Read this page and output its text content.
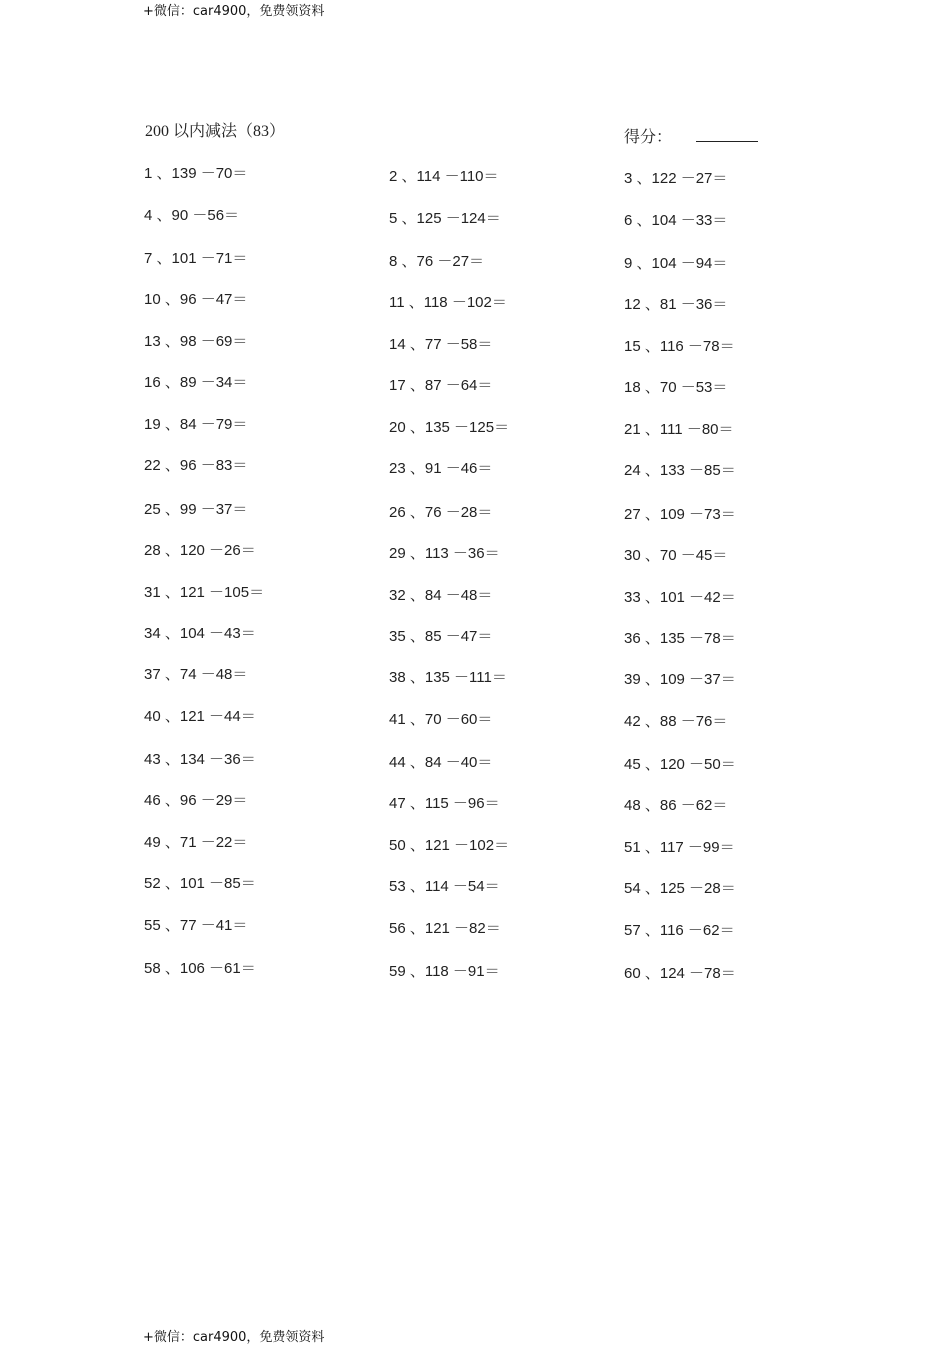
+微信：car4900，免费领资料
200 以内减法（83）	得分：
1 、139 －70＝	2 、114 －110＝	3 、122 －27＝
4 、90 －56＝	5 、125 －124＝	6 、104 －33＝
7 、101 －71＝	8 、76 －27＝	9 、104 －94＝
10 、96 －47＝	11 、118 －102＝	12 、81 －36＝
13 、98 －69＝	14 、77 －58＝	15 、116 －78＝
16 、89 －34＝	17 、87 －64＝	18 、70 －53＝
19 、84 －79＝	20 、135 －125＝	21 、111 －80＝
22 、96 －83＝	23 、91 －46＝	24 、133 －85＝
25 、99 －37＝	26 、76 －28＝	27 、109 －73＝
28 、120 －26＝	29 、113 －36＝	30 、70 －45＝
31 、121 －105＝	32 、84 －48＝	33 、101 －42＝
34 、104 －43＝	35 、85 －47＝	36 、135 －78＝
37 、74 －48＝	38 、135 －111＝	39 、109 －37＝
40 、121 －44＝	41 、70 －60＝	42 、88 －76＝
43 、134 －36＝	44 、84 －40＝	45 、120 －50＝
46 、96 －29＝	47 、115 －96＝	48 、86 －62＝
49 、71 －22＝	50 、121 －102＝	51 、117 －99＝
52 、101 －85＝	53 、114 －54＝	54 、125 －28＝
55 、77 －41＝	56 、121 －82＝	57 、116 －62＝
58 、106 －61＝	59 、118 －91＝	60 、124 －78＝
+微信：car4900，免费领资料
